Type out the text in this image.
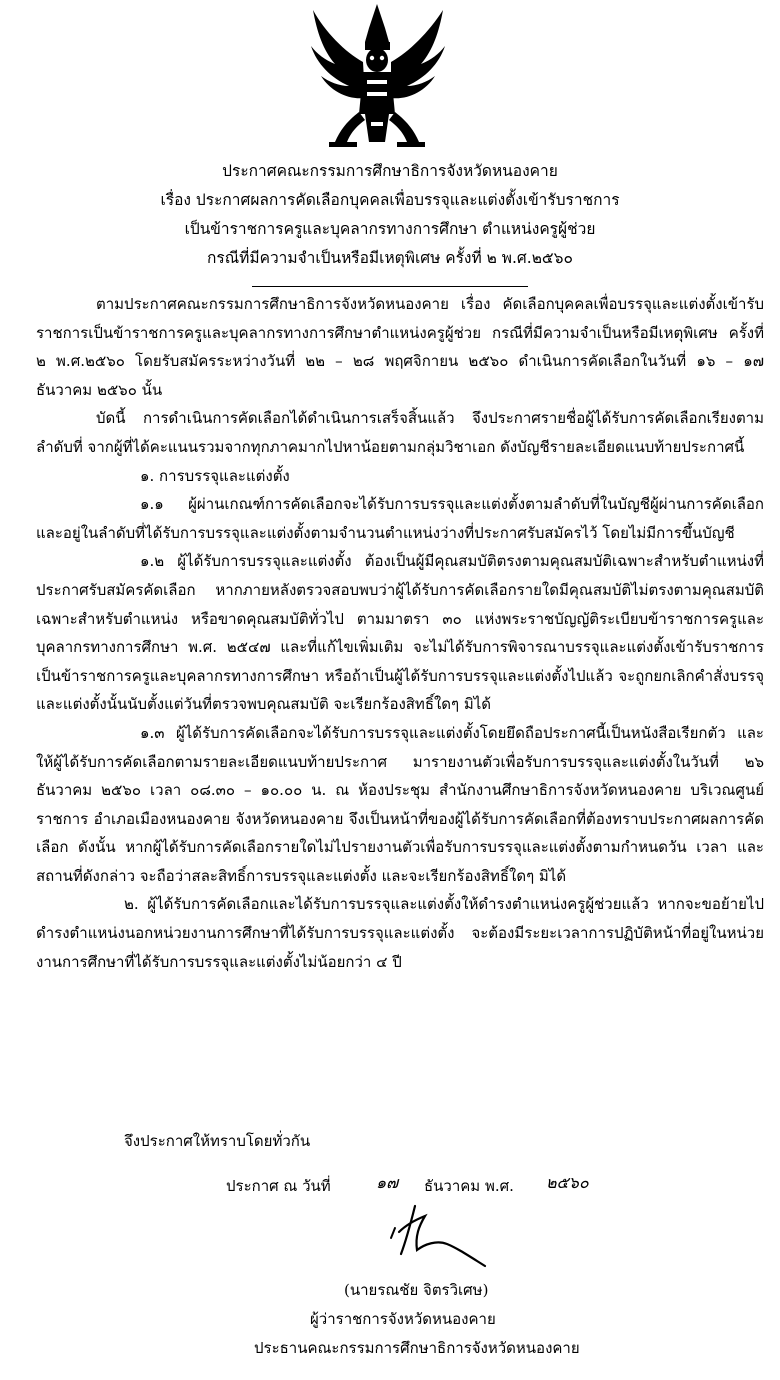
ประกาศคณะกรรมการศึกษาธิการจังหวัดหนองคาย
เรื่อง ประกาศผลการคัดเลือกบุคคลเพื่อบรรจุและแต่งตั้งเข้ารับราชการ
เป็นข้าราชการครูและบุคลากรทางการศึกษา ตำแหน่งครูผู้ช่วย
กรณีที่มีความจำเป็นหรือมีเหตุพิเศษ ครั้งที่ ๒ พ.ศ.๒๕๖๐

ตามประกาศคณะกรรมการศึกษาธิการจังหวัดหนองคาย เรื่อง คัดเลือกบุคคลเพื่อบรรจุและแต่งตั้งเข้ารับราชการเป็นข้าราชการครูและบุคลากรทางการศึกษาตำแหน่งครูผู้ช่วย กรณีที่มีความจำเป็นหรือมีเหตุพิเศษ ครั้งที่ ๒ พ.ศ.๒๕๖๐ โดยรับสมัครระหว่างวันที่ ๒๒ – ๒๘ พฤศจิกายน ๒๕๖๐ ดำเนินการคัดเลือกในวันที่ ๑๖ – ๑๗ ธันวาคม ๒๕๖๐ นั้น

บัดนี้ การดำเนินการคัดเลือกได้ดำเนินการเสร็จสิ้นแล้ว จึงประกาศรายชื่อผู้ได้รับการคัดเลือกเรียงตามลำดับที่ จากผู้ที่ได้คะแนนรวมจากทุกภาคมากไปหาน้อยตามกลุ่มวิชาเอก ดังบัญชีรายละเอียดแนบท้ายประกาศนี้

๑. การบรรจุและแต่งตั้ง

๑.๑ ผู้ผ่านเกณฑ์การคัดเลือกจะได้รับการบรรจุและแต่งตั้งตามลำดับที่ในบัญชีผู้ผ่านการคัดเลือก และอยู่ในลำดับที่ได้รับการบรรจุและแต่งตั้งตามจำนวนตำแหน่งว่างที่ประกาศรับสมัครไว้ โดยไม่มีการขึ้นบัญชี

๑.๒ ผู้ได้รับการบรรจุและแต่งตั้ง ต้องเป็นผู้มีคุณสมบัติตรงตามคุณสมบัติเฉพาะสำหรับตำแหน่งที่ประกาศรับสมัครคัดเลือก หากภายหลังตรวจสอบพบว่าผู้ได้รับการคัดเลือกรายใดมีคุณสมบัติไม่ตรงตามคุณสมบัติเฉพาะสำหรับตำแหน่ง หรือขาดคุณสมบัติทั่วไป ตามมาตรา ๓๐ แห่งพระราชบัญญัติระเบียบข้าราชการครูและบุคลากรทางการศึกษา พ.ศ. ๒๕๔๗ และที่แก้ไขเพิ่มเติม จะไม่ได้รับการพิจารณาบรรจุและแต่งตั้งเข้ารับราชการเป็นข้าราชการครูและบุคลากรทางการศึกษา หรือถ้าเป็นผู้ได้รับการบรรจุและแต่งตั้งไปแล้ว จะถูกยกเลิกคำสั่งบรรจุและแต่งตั้งนั้นนับตั้งแต่วันที่ตรวจพบคุณสมบัติ จะเรียกร้องสิทธิ์ใดๆ มิได้

๑.๓ ผู้ได้รับการคัดเลือกจะได้รับการบรรจุและแต่งตั้งโดยยึดถือประกาศนี้เป็นหนังสือเรียกตัว และให้ผู้ได้รับการคัดเลือกตามรายละเอียดแนบท้ายประกาศ มารายงานตัวเพื่อรับการบรรจุและแต่งตั้งในวันที่ ๒๖ ธันวาคม ๒๕๖๐ เวลา ๐๘.๓๐ – ๑๐.๐๐ น. ณ ห้องประชุม สำนักงานศึกษาธิการจังหวัดหนองคาย บริเวณศูนย์ราชการ อำเภอเมืองหนองคาย จังหวัดหนองคาย จึงเป็นหน้าที่ของผู้ได้รับการคัดเลือกที่ต้องทราบประกาศผลการคัดเลือก ดังนั้น หากผู้ได้รับการคัดเลือกรายใดไม่ไปรายงานตัวเพื่อรับการบรรจุและแต่งตั้งตามกำหนดวัน เวลา และสถานที่ดังกล่าว จะถือว่าสละสิทธิ์การบรรจุและแต่งตั้ง และจะเรียกร้องสิทธิ์ใดๆ มิได้

๒. ผู้ได้รับการคัดเลือกและได้รับการบรรจุและแต่งตั้งให้ดำรงตำแหน่งครูผู้ช่วยแล้ว หากจะขอย้ายไปดำรงตำแหน่งนอกหน่วยงานการศึกษาที่ได้รับการบรรจุและแต่งตั้ง จะต้องมีระยะเวลาการปฏิบัติหน้าที่อยู่ในหน่วยงานการศึกษาที่ได้รับการบรรจุและแต่งตั้งไม่น้อยกว่า ๔ ปี

จึงประกาศให้ทราบโดยทั่วกัน
ประกาศ ณ วันที่	๑๗ ธันวาคม พ.ศ. ๒๕๖๐
(นายรณชัย จิตรวิเศษ)
ผู้ว่าราชการจังหวัดหนองคาย
ประธานคณะกรรมการศึกษาธิการจังหวัดหนองคาย
